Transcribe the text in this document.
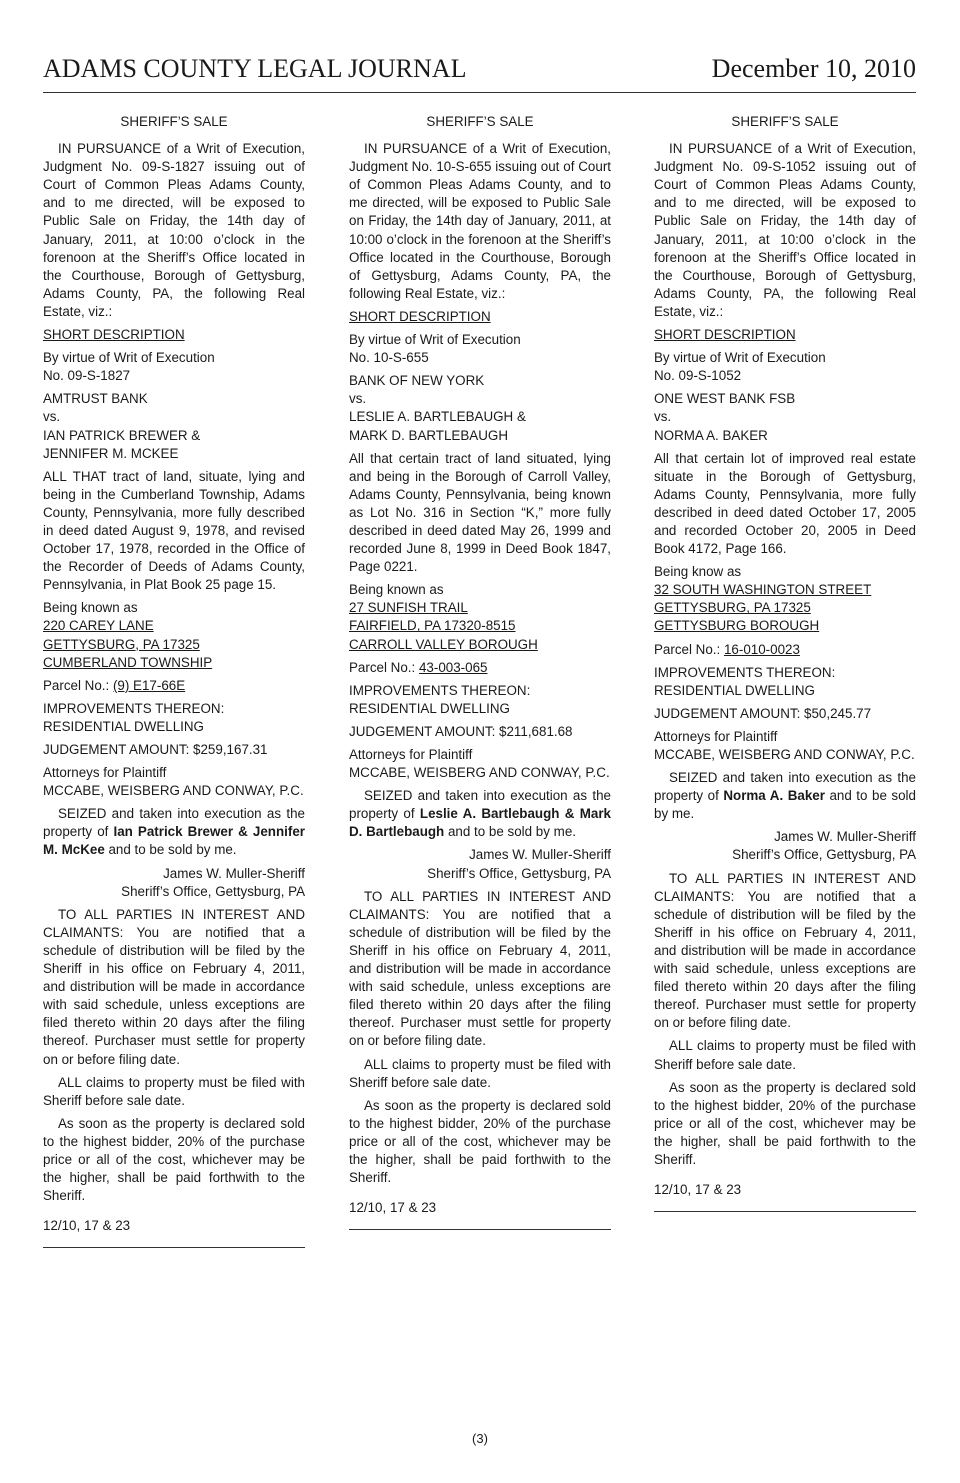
ADAMS COUNTY LEGAL JOURNAL	December 10, 2010

SHERIFF’S SALE

IN PURSUANCE of a Writ of Execution, Judgment No. 09-S-1827 issuing out of Court of Common Pleas Adams County, and to me directed, will be exposed to Public Sale on Friday, the 14th day of January, 2011, at 10:00 o’clock in the forenoon at the Sheriff’s Office located in the Courthouse, Borough of Gettysburg, Adams County, PA, the following Real Estate, viz.:

SHORT DESCRIPTION

By virtue of Writ of Execution
No. 09-S-1827
AMTRUST BANK
vs.
IAN PATRICK BREWER &
JENNIFER M. MCKEE

ALL THAT tract of land, situate, lying and being in the Cumberland Township, Adams County, Pennsylvania, more fully described in deed dated August 9, 1978, and revised October 17, 1978, recorded in the Office of the Recorder of Deeds of Adams County, Pennsylvania, in Plat Book 25 page 15.

Being known as
220 CAREY LANE
GETTYSBURG, PA 17325
CUMBERLAND TOWNSHIP

Parcel No.: (9) E17-66E

IMPROVEMENTS THEREON:
RESIDENTIAL DWELLING

JUDGEMENT AMOUNT: $259,167.31

Attorneys for Plaintiff
MCCABE, WEISBERG AND CONWAY, P.C.

SEIZED and taken into execution as the property of Ian Patrick Brewer & Jennifer M. McKee and to be sold by me.

James W. Muller-Sheriff
Sheriff’s Office, Gettysburg, PA

TO ALL PARTIES IN INTEREST AND CLAIMANTS: You are notified that a schedule of distribution will be filed by the Sheriff in his office on February 4, 2011, and distribution will be made in accordance with said schedule, unless exceptions are filed thereto within 20 days after the filing thereof. Purchaser must settle for property on or before filing date.

ALL claims to property must be filed with Sheriff before sale date.

As soon as the property is declared sold to the highest bidder, 20% of the purchase price or all of the cost, whichever may be the higher, shall be paid forthwith to the Sheriff.

12/10, 17 & 23

SHERIFF’S SALE

IN PURSUANCE of a Writ of Execution, Judgment No. 10-S-655 issuing out of Court of Common Pleas Adams County, and to me directed, will be exposed to Public Sale on Friday, the 14th day of January, 2011, at 10:00 o’clock in the forenoon at the Sheriff’s Office located in the Courthouse, Borough of Gettysburg, Adams County, PA, the following Real Estate, viz.:

SHORT DESCRIPTION

By virtue of Writ of Execution
No. 10-S-655
BANK OF NEW YORK
vs.
LESLIE A. BARTLEBAUGH &
MARK D. BARTLEBAUGH

All that certain tract of land situated, lying and being in the Borough of Carroll Valley, Adams County, Pennsylvania, being known as Lot No. 316 in Section “K,” more fully described in deed dated May 26, 1999 and recorded June 8, 1999 in Deed Book 1847, Page 0221.

Being known as
27 SUNFISH TRAIL
FAIRFIELD, PA 17320-8515
CARROLL VALLEY BOROUGH

Parcel No.: 43-003-065

IMPROVEMENTS THEREON:
RESIDENTIAL DWELLING

JUDGEMENT AMOUNT: $211,681.68

Attorneys for Plaintiff
MCCABE, WEISBERG AND CONWAY, P.C.

SEIZED and taken into execution as the property of Leslie A. Bartlebaugh & Mark D. Bartlebaugh and to be sold by me.

James W. Muller-Sheriff
Sheriff’s Office, Gettysburg, PA

TO ALL PARTIES IN INTEREST AND CLAIMANTS: You are notified that a schedule of distribution will be filed by the Sheriff in his office on February 4, 2011, and distribution will be made in accordance with said schedule, unless exceptions are filed thereto within 20 days after the filing thereof. Purchaser must settle for property on or before filing date.

ALL claims to property must be filed with Sheriff before sale date.

As soon as the property is declared sold to the highest bidder, 20% of the purchase price or all of the cost, whichever may be the higher, shall be paid forthwith to the Sheriff.

12/10, 17 & 23

SHERIFF’S SALE

IN PURSUANCE of a Writ of Execution, Judgment No. 09-S-1052 issuing out of Court of Common Pleas Adams County, and to me directed, will be exposed to Public Sale on Friday, the 14th day of January, 2011, at 10:00 o’clock in the forenoon at the Sheriff’s Office located in the Courthouse, Borough of Gettysburg, Adams County, PA, the following Real Estate, viz.:

SHORT DESCRIPTION

By virtue of Writ of Execution
No. 09-S-1052
ONE WEST BANK FSB
vs.
NORMA A. BAKER

All that certain lot of improved real estate situate in the Borough of Gettysburg, Adams County, Pennsylvania, more fully described in deed dated October 17, 2005 and recorded October 20, 2005 in Deed Book 4172, Page 166.

Being know as
32 SOUTH WASHINGTON STREET
GETTYSBURG, PA 17325
GETTYSBURG BOROUGH

Parcel No.: 16-010-0023

IMPROVEMENTS THEREON:
RESIDENTIAL DWELLING

JUDGEMENT AMOUNT: $50,245.77

Attorneys for Plaintiff
MCCABE, WEISBERG AND CONWAY, P.C.

SEIZED and taken into execution as the property of Norma A. Baker and to be sold by me.

James W. Muller-Sheriff
Sheriff’s Office, Gettysburg, PA

TO ALL PARTIES IN INTEREST AND CLAIMANTS: You are notified that a schedule of distribution will be filed by the Sheriff in his office on February 4, 2011, and distribution will be made in accordance with said schedule, unless exceptions are filed thereto within 20 days after the filing thereof. Purchaser must settle for property on or before filing date.

ALL claims to property must be filed with Sheriff before sale date.

As soon as the property is declared sold to the highest bidder, 20% of the purchase price or all of the cost, whichever may be the higher, shall be paid forthwith to the Sheriff.

12/10, 17 & 23
(3)
